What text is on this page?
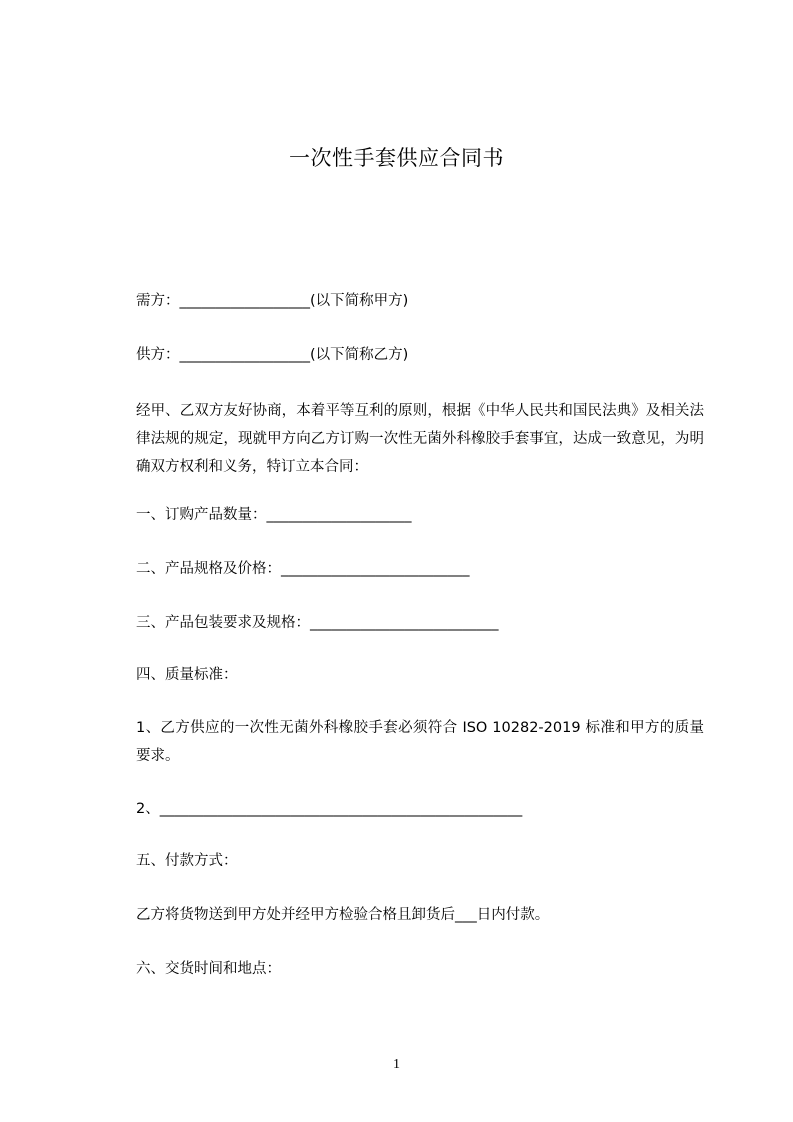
一次性手套供应合同书
需方：__________________(以下简称甲方)
供方：__________________(以下简称乙方)
经甲、乙双方友好协商，本着平等互利的原则，根据《中华人民共和国民法典》及相关法律法规的规定，现就甲方向乙方订购一次性无菌外科橡胶手套事宜，达成一致意见，为明确双方权利和义务，特订立本合同：
一、订购产品数量：____________________
二、产品规格及价格：__________________________
三、产品包装要求及规格：__________________________
四、质量标准：
1、乙方供应的一次性无菌外科橡胶手套必须符合 ISO 10282-2019 标准和甲方的质量要求。
2、__________________________________________________
五、付款方式：
乙方将货物送到甲方处并经甲方检验合格且卸货后___日内付款。
六、交货时间和地点：
1
